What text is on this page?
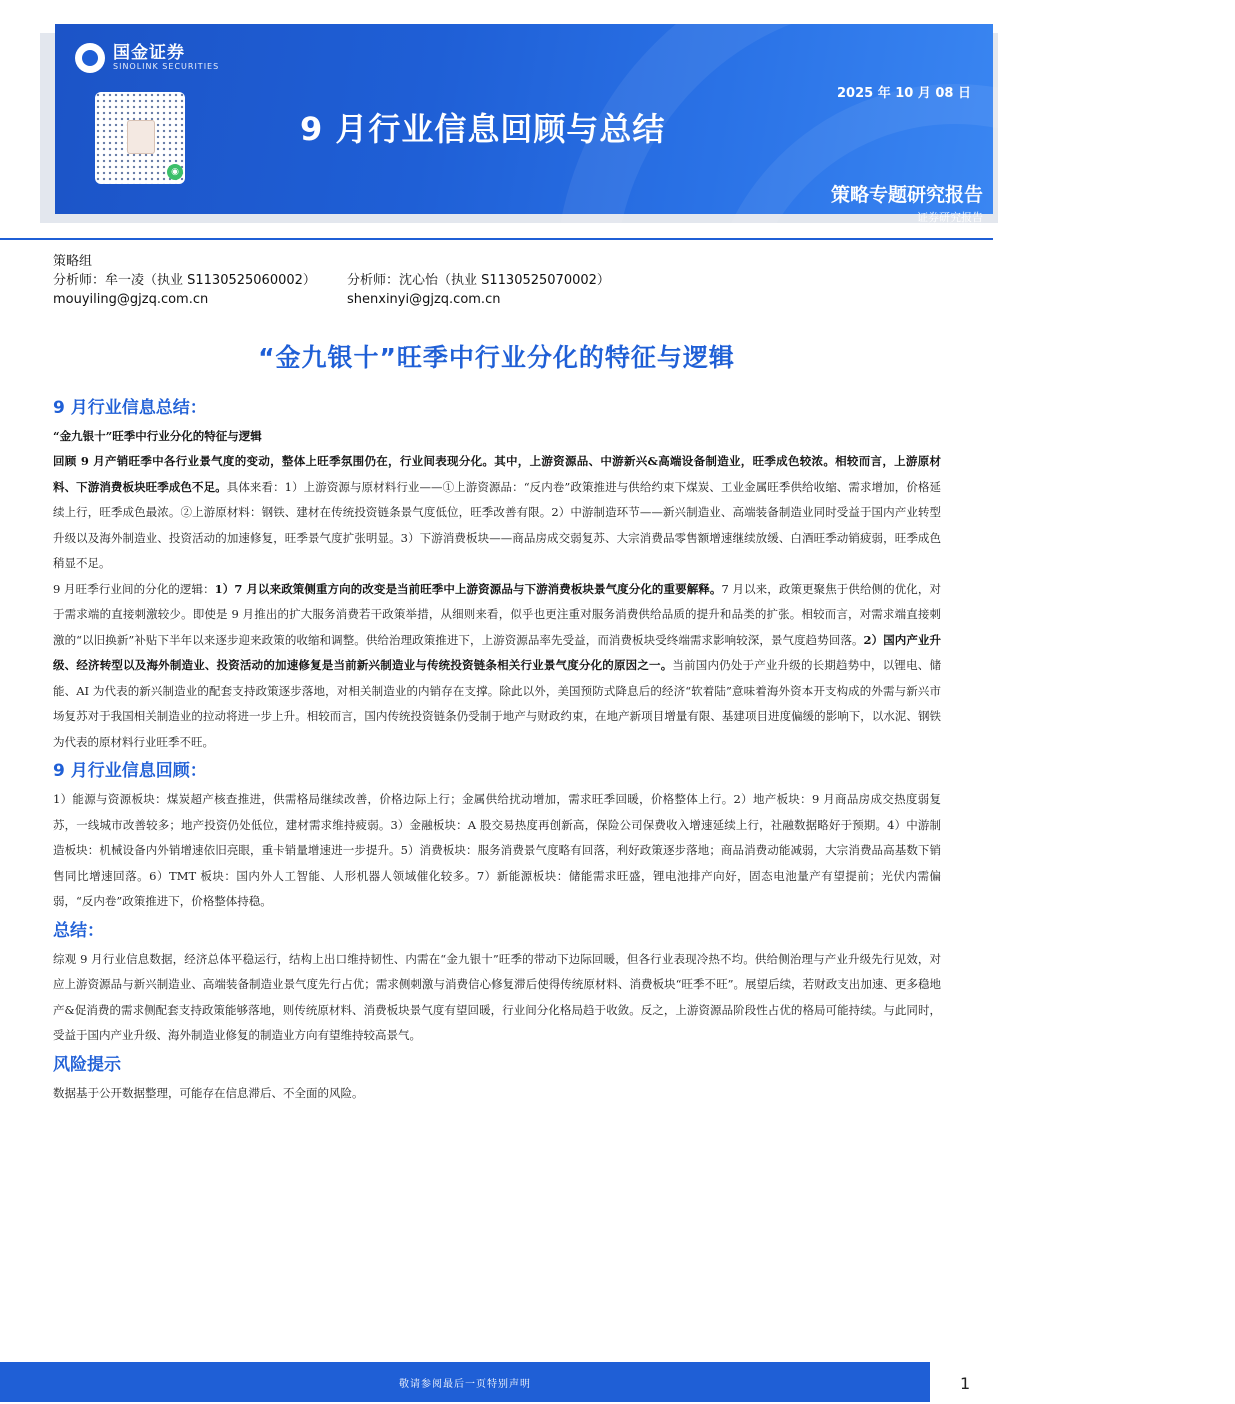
2025 年 10 月 08 日
9 月行业信息回顾与总结
策略专题研究报告
证券研究报告
国金证券
SINOLINK SECURITIES
◉
策略组
分析师：牟一凌（执业 S1130525060002）	分析师：沈心怡（执业 S1130525070002）
mouyiling@gjzq.com.cn	shenxinyi@gjzq.com.cn
“金九银十”旺季中行业分化的特征与逻辑
9 月行业信息总结：
“金九银十”旺季中行业分化的特征与逻辑

回顾 9 月产销旺季中各行业景气度的变动，整体上旺季氛围仍在，行业间表现分化。其中，上游资源品、中游新兴&高端设备制造业，旺季成色较浓。相较而言，上游原材料、下游消费板块旺季成色不足。具体来看：1）上游资源与原材料行业——①上游资源品：“反内卷”政策推进与供给约束下煤炭、工业金属旺季供给收缩、需求增加，价格延续上行，旺季成色最浓。②上游原材料：钢铁、建材在传统投资链条景气度低位，旺季改善有限。2）中游制造环节——新兴制造业、高端装备制造业同时受益于国内产业转型升级以及海外制造业、投资活动的加速修复，旺季景气度扩张明显。3）下游消费板块——商品房成交弱复苏、大宗消费品零售额增速继续放缓、白酒旺季动销疲弱，旺季成色稍显不足。

9 月旺季行业间的分化的逻辑：1）7 月以来政策侧重方向的改变是当前旺季中上游资源品与下游消费板块景气度分化的重要解释。7 月以来，政策更聚焦于供给侧的优化，对于需求端的直接刺激较少。即使是 9 月推出的扩大服务消费若干政策举措，从细则来看，似乎也更注重对服务消费供给品质的提升和品类的扩张。相较而言，对需求端直接刺激的“以旧换新”补贴下半年以来逐步迎来政策的收缩和调整。供给治理政策推进下，上游资源品率先受益，而消费板块受终端需求影响较深，景气度趋势回落。2）国内产业升级、经济转型以及海外制造业、投资活动的加速修复是当前新兴制造业与传统投资链条相关行业景气度分化的原因之一。当前国内仍处于产业升级的长期趋势中，以锂电、储能、AI 为代表的新兴制造业的配套支持政策逐步落地，对相关制造业的内销存在支撑。除此以外，美国预防式降息后的经济“软着陆”意味着海外资本开支构成的外需与新兴市场复苏对于我国相关制造业的拉动将进一步上升。相较而言，国内传统投资链条仍受制于地产与财政约束，在地产新项目增量有限、基建项目进度偏缓的影响下，以水泥、钢铁为代表的原材料行业旺季不旺。

9 月行业信息回顾：

1）能源与资源板块：煤炭超产核查推进，供需格局继续改善，价格边际上行；金属供给扰动增加，需求旺季回暖，价格整体上行。2）地产板块：9 月商品房成交热度弱复苏，一线城市改善较多；地产投资仍处低位，建材需求维持疲弱。3）金融板块：A 股交易热度再创新高，保险公司保费收入增速延续上行，社融数据略好于预期。4）中游制造板块：机械设备内外销增速依旧亮眼，重卡销量增速进一步提升。5）消费板块：服务消费景气度略有回落，利好政策逐步落地；商品消费动能减弱，大宗消费品高基数下销售同比增速回落。6）TMT 板块：国内外人工智能、人形机器人领域催化较多。7）新能源板块：储能需求旺盛，锂电池排产向好，固态电池量产有望提前；光伏内需偏弱，“反内卷”政策推进下，价格整体持稳。

总结：

综观 9 月行业信息数据，经济总体平稳运行，结构上出口维持韧性、内需在“金九银十”旺季的带动下边际回暖，但各行业表现冷热不均。供给侧治理与产业升级先行见效，对应上游资源品与新兴制造业、高端装备制造业景气度先行占优；需求侧刺激与消费信心修复滞后使得传统原材料、消费板块“旺季不旺”。展望后续，若财政支出加速、更多稳地产&促消费的需求侧配套支持政策能够落地，则传统原材料、消费板块景气度有望回暖，行业间分化格局趋于收敛。反之，上游资源品阶段性占优的格局可能持续。与此同时，受益于国内产业升级、海外制造业修复的制造业方向有望维持较高景气。

风险提示

数据基于公开数据整理，可能存在信息滞后、不全面的风险。

敬请参阅最后一页特别声明	1
